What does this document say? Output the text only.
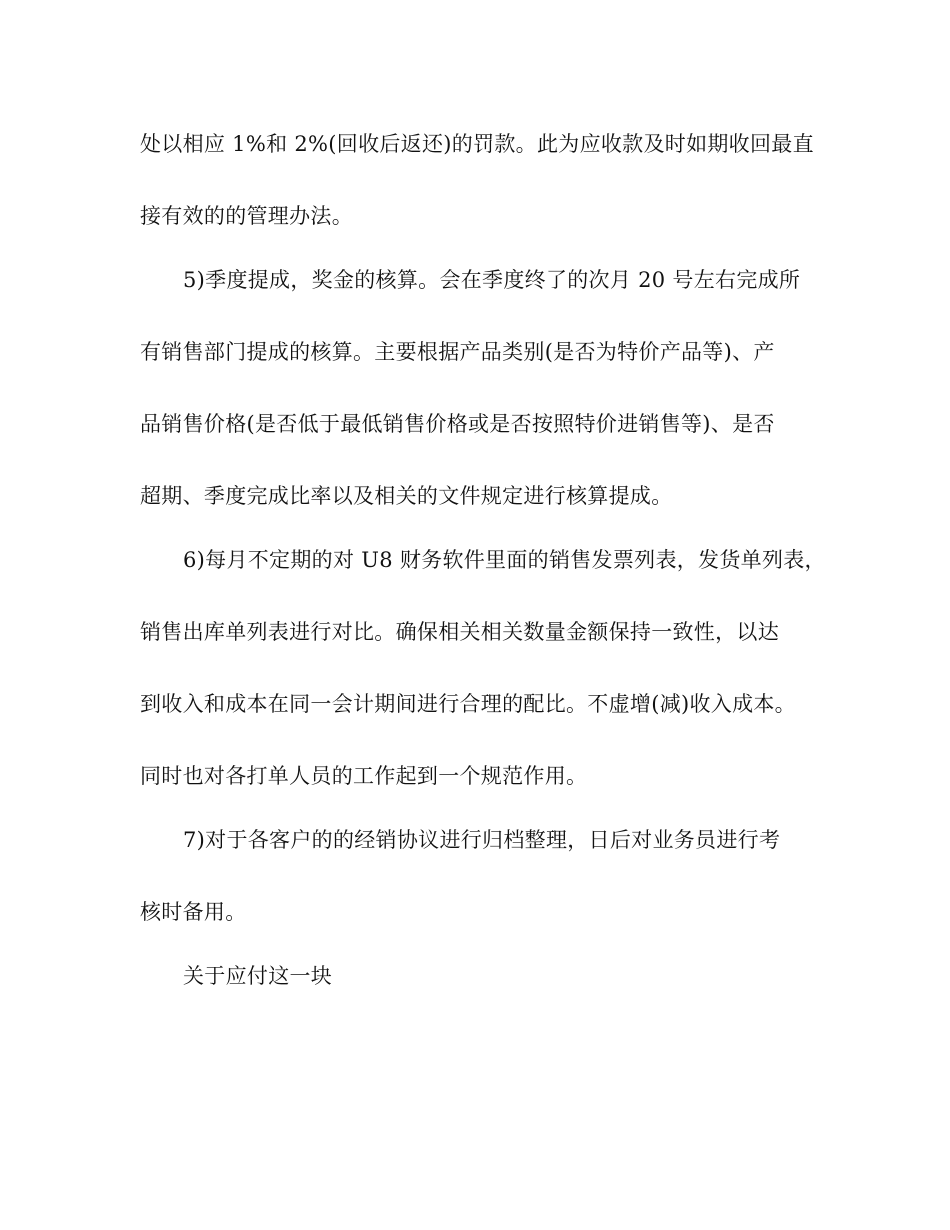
处以相应 1%和 2%(回收后返还)的罚款。此为应收款及时如期收回最直
接有效的的管理办法。
5)季度提成，奖金的核算。会在季度终了的次月 20 号左右完成所
有销售部门提成的核算。主要根据产品类别(是否为特价产品等)、产
品销售价格(是否低于最低销售价格或是否按照特价进销售等)、是否
超期、季度完成比率以及相关的文件规定进行核算提成。
6)每月不定期的对 U8 财务软件里面的销售发票列表，发货单列表，
销售出库单列表进行对比。确保相关相关数量金额保持一致性，以达
到收入和成本在同一会计期间进行合理的配比。不虚增(减)收入成本。
同时也对各打单人员的工作起到一个规范作用。
7)对于各客户的的经销协议进行归档整理，日后对业务员进行考
核时备用。
关于应付这一块
